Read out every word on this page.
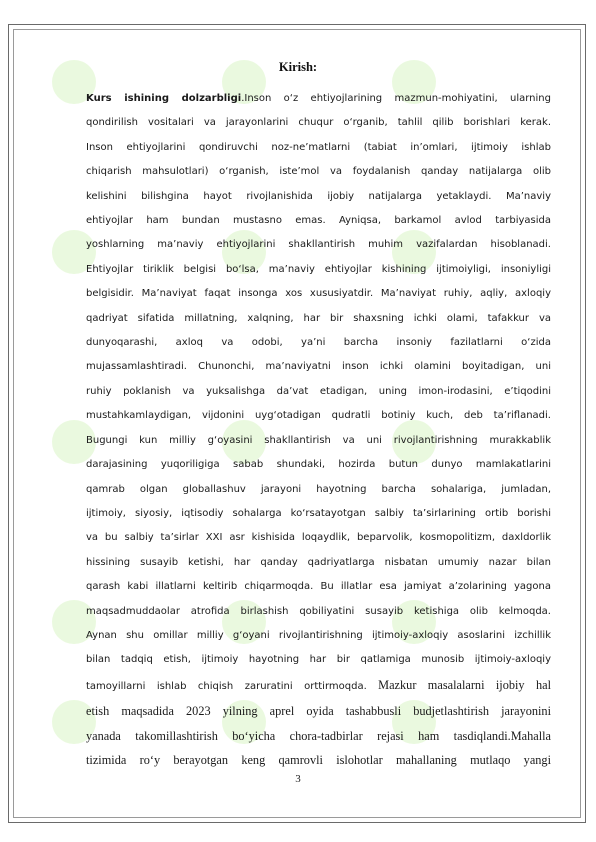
Kirish:
Kurs ishining dolzarbligi.Inson o‘z ehtiyojlarining mazmun-mohiyatini, ularning
qondirilish vositalari va jarayonlarini chuqur o‘rganib, tahlil qilib borishlari kerak.
Inson ehtiyojlarini qondiruvchi noz-ne’matlarni (tabiat in’omlari, ijtimoiy ishlab
chiqarish mahsulotlari) o‘rganish, iste’mol va foydalanish qanday natijalarga olib
kelishini bilishgina hayot rivojlanishida ijobiy natijalarga yetaklaydi. Ma’naviy
ehtiyojlar ham bundan mustasno emas. Ayniqsa, barkamol avlod tarbiyasida
yoshlarning ma’naviy ehtiyojlarini shakllantirish muhim vazifalardan hisoblanadi.
Ehtiyojlar tiriklik belgisi bo‘lsa, ma’naviy ehtiyojlar kishining ijtimoiyligi, insoniyligi
belgisidir. Ma’naviyat faqat insonga xos xususiyatdir. Ma’naviyat ruhiy, aqliy, axloqiy
qadriyat sifatida millatning, xalqning, har bir shaxsning ichki olami, tafakkur va
dunyoqarashi, axloq va odobi, ya’ni barcha insoniy fazilatlarni o‘zida
mujassamlashtiradi. Chunonchi, ma’naviyatni inson ichki olamini boyitadigan, uni
ruhiy poklanish va yuksalishga da’vat etadigan, uning imon-irodasini, e’tiqodini
mustahkamlaydigan, vijdonini uyg‘otadigan qudratli botiniy kuch, deb ta’riflanadi.
Bugungi kun milliy g‘oyasini shakllantirish va uni rivojlantirishning murakkablik
darajasining yuqoriligiga sabab shundaki, hozirda butun dunyo mamlakatlarini
qamrab olgan globallashuv jarayoni hayotning barcha sohalariga, jumladan,
ijtimoiy, siyosiy, iqtisodiy sohalarga ko‘rsatayotgan salbiy ta’sirlarining ortib borishi
va bu salbiy ta’sirlar XXI asr kishisida loqaydlik, beparvolik, kosmopolitizm, daxldorlik
hissining susayib ketishi, har qanday qadriyatlarga nisbatan umumiy nazar bilan
qarash kabi illatlarni keltirib chiqarmoqda. Bu illatlar esa jamiyat a’zolarining yagona
maqsadmuddaolar atrofida birlashish qobiliyatini susayib ketishiga olib kelmoqda.
Aynan shu omillar milliy g‘oyani rivojlantirishning ijtimoiy-axloqiy asoslarini izchillik
bilan tadqiq etish, ijtimoiy hayotning har bir qatlamiga munosib ijtimoiy-axloqiy
tamoyillarni ishlab chiqish zaruratini orttirmoqda. Mazkur masalalarni ijobiy hal
etish maqsadida 2023 yilning aprel oyida tashabbusli budjetlashtirish jarayonini
yanada takomillashtirish bo‘yicha chora-tadbirlar rejasi ham tasdiqlandi.Mahalla
tizimida ro‘y berayotgan keng qamrovli islohotlar mahallaning mutlaqo yangi
3
